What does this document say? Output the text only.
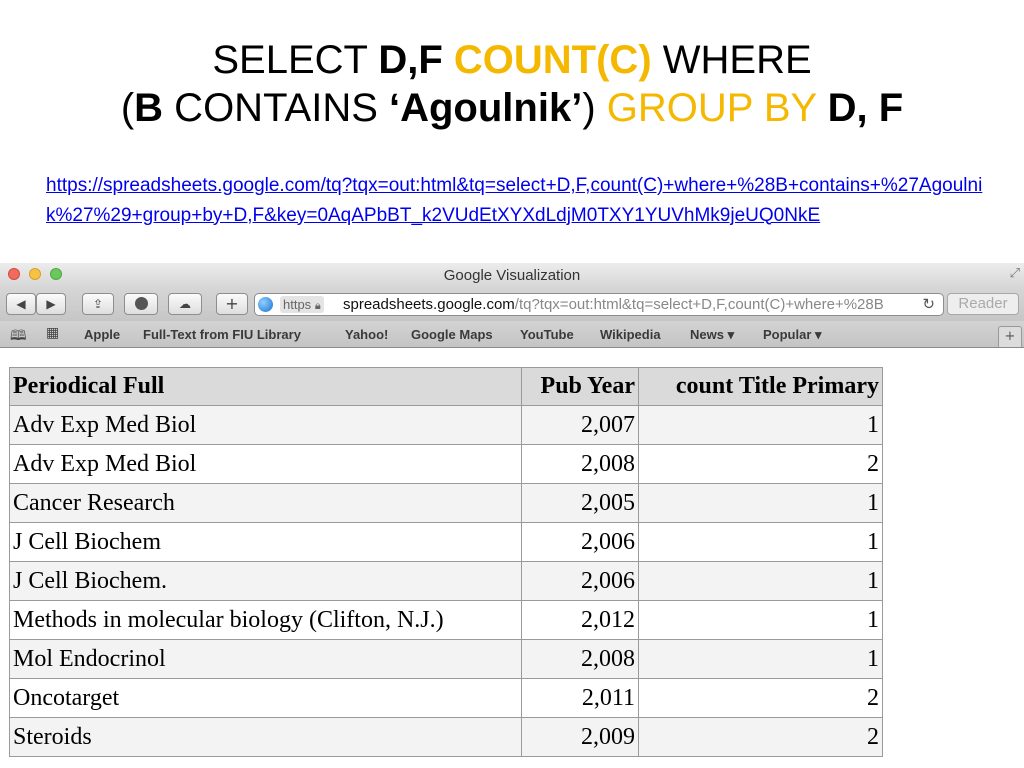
SELECT D,F COUNT(C) WHERE
(B CONTAINS ‘Agoulnik’) GROUP BY D, F
https://spreadsheets.google.com/tq?tqx=out:html&tq=select+D,F,count(C)+where+%28B+contains+%27Agoulnik%27%29+group+by+D,F&key=0AqAPbBT_k2VUdEtXYXdLdjM0TXY1YUVhMk9jeUQ0NkE
Google Visualization	⤢
◀	▶	⇪	☁	+	https 🔒︎ spreadsheets.google.com/tq?tqx=out:html&tq=select+D,F,count(C)+where+%28B	↻	Reader
🕮 ▦ Apple Full-Text from FIU Library	Yahoo! Google Maps YouTube Wikipedia News ▾ Popular ▾	+
Periodical Full	Pub Year	count Title Primary
Adv Exp Med Biol	2,007	1
Adv Exp Med Biol	2,008	2
Cancer Research	2,005	1
J Cell Biochem	2,006	1
J Cell Biochem.	2,006	1
Methods in molecular biology (Clifton, N.J.)	2,012	1
Mol Endocrinol	2,008	1
Oncotarget	2,011	2
Steroids	2,009	2
